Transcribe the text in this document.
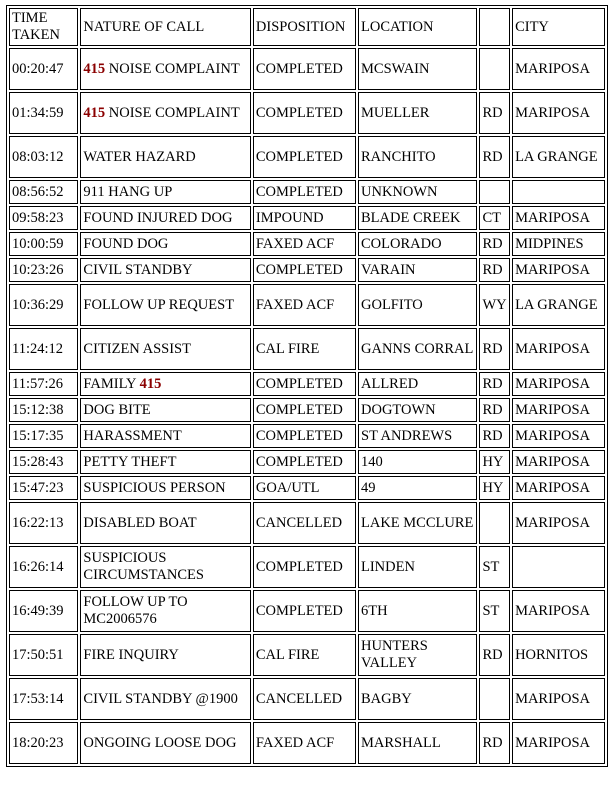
TIME TAKEN	NATURE OF CALL	DISPOSITION	LOCATION		CITY
00:20:47	415 NOISE COMPLAINT	COMPLETED	MCSWAIN		MARIPOSA
01:34:59	415 NOISE COMPLAINT	COMPLETED	MUELLER	RD	MARIPOSA
08:03:12	WATER HAZARD	COMPLETED	RANCHITO	RD	LA GRANGE
08:56:52	911 HANG UP	COMPLETED	UNKNOWN		
09:58:23	FOUND INJURED DOG	IMPOUND	BLADE CREEK	CT	MARIPOSA
10:00:59	FOUND DOG	FAXED ACF	COLORADO	RD	MIDPINES
10:23:26	CIVIL STANDBY	COMPLETED	VARAIN	RD	MARIPOSA
10:36:29	FOLLOW UP REQUEST	FAXED ACF	GOLFITO	WY	LA GRANGE
11:24:12	CITIZEN ASSIST	CAL FIRE	GANNS CORRAL	RD	MARIPOSA
11:57:26	FAMILY 415	COMPLETED	ALLRED	RD	MARIPOSA
15:12:38	DOG BITE	COMPLETED	DOGTOWN	RD	MARIPOSA
15:17:35	HARASSMENT	COMPLETED	ST ANDREWS	RD	MARIPOSA
15:28:43	PETTY THEFT	COMPLETED	140	HY	MARIPOSA
15:47:23	SUSPICIOUS PERSON	GOA/UTL	49	HY	MARIPOSA
16:22:13	DISABLED BOAT	CANCELLED	LAKE MCCLURE		MARIPOSA
16:26:14	SUSPICIOUS CIRCUMSTANCES	COMPLETED	LINDEN	ST	
16:49:39	FOLLOW UP TO MC2006576	COMPLETED	6TH	ST	MARIPOSA
17:50:51	FIRE INQUIRY	CAL FIRE	HUNTERS VALLEY	RD	HORNITOS
17:53:14	CIVIL STANDBY @1900	CANCELLED	BAGBY		MARIPOSA
18:20:23	ONGOING LOOSE DOG	FAXED ACF	MARSHALL	RD	MARIPOSA
